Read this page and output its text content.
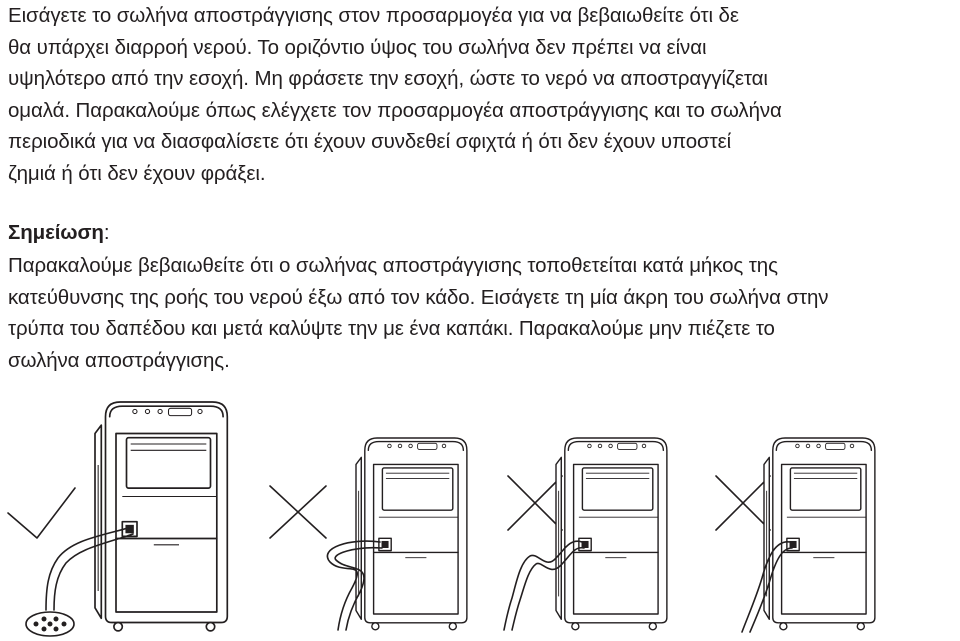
Εισάγετε το σωλήνα αποστράγγισης στον προσαρμογέα για να βεβαιωθείτε ότι δε
θα υπάρχει διαρροή νερού. Το οριζόντιο ύψος του σωλήνα δεν πρέπει να είναι
υψηλότερο από την εσοχή. Μη φράσετε την εσοχή, ώστε το νερό να αποστραγγίζεται
ομαλά. Παρακαλούμε όπως ελέγχετε τον προσαρμογέα αποστράγγισης και το σωλήνα
περιοδικά για να διασφαλίσετε ότι έχουν συνδεθεί σφιχτά ή ότι δεν έχουν υποστεί
ζημιά ή ότι δεν έχουν φράξει.
Σημείωση:
Παρακαλούμε βεβαιωθείτε ότι ο σωλήνας αποστράγγισης τοποθετείται κατά μήκος της
κατεύθυνσης της ροής του νερού έξω από τον κάδο. Εισάγετε τη μία άκρη του σωλήνα στην
τρύπα του δαπέδου και μετά καλύψτε την με ένα καπάκι. Παρακαλούμε μην πιέζετε το
σωλήνα αποστράγγισης.
